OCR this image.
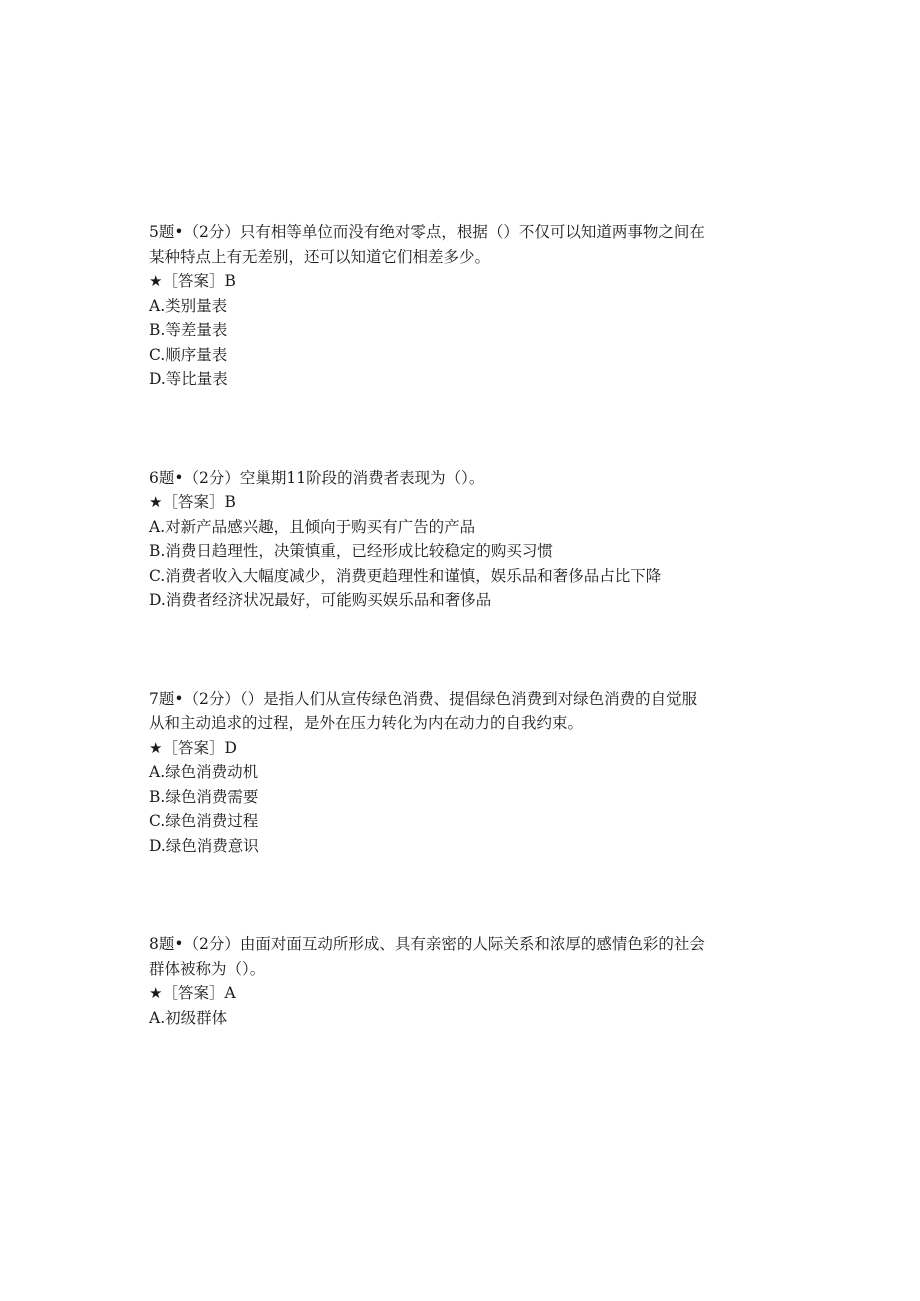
5题•（2分）只有相等单位而没有绝对零点，根据（）不仅可以知道两事物之间在某种特点上有无差别，还可以知道它们相差多少。

★［答案］B

A.类别量表

B.等差量表

C.顺序量表

D.等比量表

6题•（2分）空巢期11阶段的消费者表现为（）。

★［答案］B

A.对新产品感兴趣，且倾向于购买有广告的产品

B.消费日趋理性，决策慎重，已经形成比较稳定的购买习惯

C.消费者收入大幅度减少，消费更趋理性和谨慎，娱乐品和奢侈品占比下降

D.消费者经济状况最好，可能购买娱乐品和奢侈品

7题•（2分）（）是指人们从宣传绿色消费、提倡绿色消费到对绿色消费的自觉服从和主动追求的过程，是外在压力转化为内在动力的自我约束。

★［答案］D

A.绿色消费动机

B.绿色消费需要

C.绿色消费过程

D.绿色消费意识

8题•（2分）由面对面互动所形成、具有亲密的人际关系和浓厚的感情色彩的社会群体被称为（）。

★［答案］A

A.初级群体
